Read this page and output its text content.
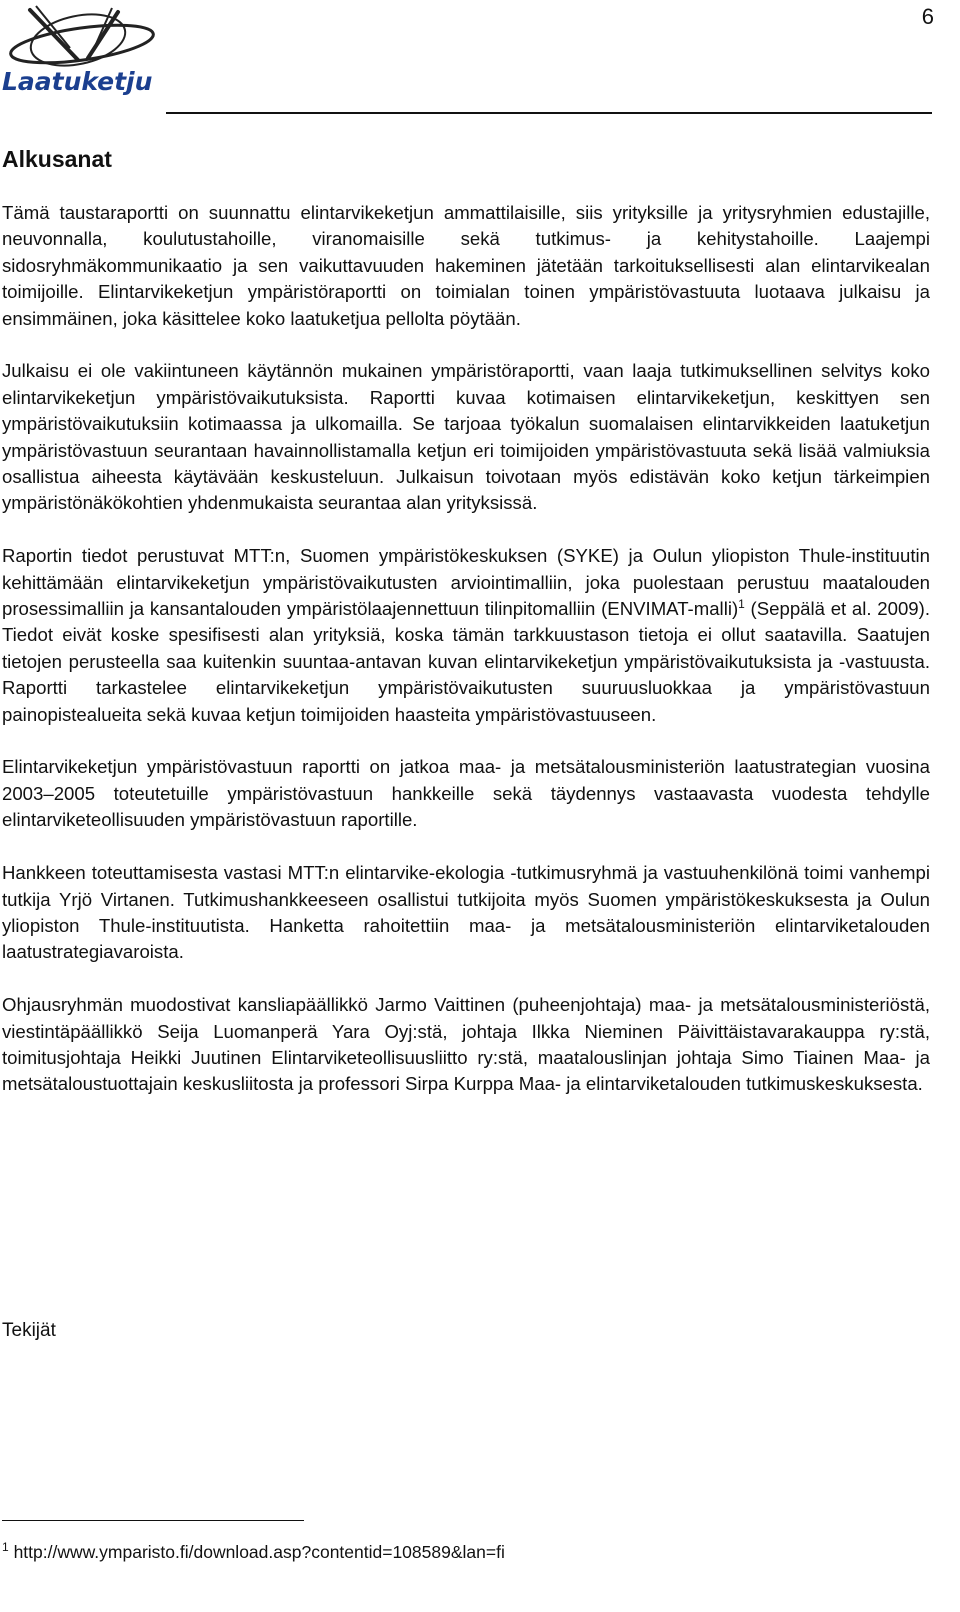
Laatuketju
6
Alkusanat

Tämä taustaraportti on suunnattu elintarvikeketjun ammattilaisille, siis yrityksille ja yritysryhmien edustajille, neuvonnalla, koulutustahoille, viranomaisille sekä tutkimus- ja kehitystahoille. Laajempi sidosryhmäkommunikaatio ja sen vaikuttavuuden hakeminen jätetään tarkoituksellisesti alan elintarvikealan toimijoille. Elintarvikeketjun ympäristöraportti on toimialan toinen ympäristövastuuta luotaava julkaisu ja ensimmäinen, joka käsittelee koko laatuketjua pellolta pöytään.

Julkaisu ei ole vakiintuneen käytännön mukainen ympäristöraportti, vaan laaja tutkimuksellinen selvitys koko elintarvikeketjun ympäristövaikutuksista. Raportti kuvaa kotimaisen elintarvikeketjun, keskittyen sen ympäristövaikutuksiin kotimaassa ja ulkomailla. Se tarjoaa työkalun suomalaisen elintarvikkeiden laatuketjun ympäristövastuun seurantaan havainnollistamalla ketjun eri toimijoiden ympäristövastuuta sekä lisää valmiuksia osallistua aiheesta käytävään keskusteluun. Julkaisun toivotaan myös edistävän koko ketjun tärkeimpien ympäristönäkökohtien yhdenmukaista seurantaa alan yrityksissä.

Raportin tiedot perustuvat MTT:n, Suomen ympäristökeskuksen (SYKE) ja Oulun yliopiston Thule-instituutin kehittämään elintarvikeketjun ympäristövaikutusten arviointimalliin, joka puolestaan perustuu maatalouden prosessimalliin ja kansantalouden ympäristölaajennettuun tilinpitomalliin (ENVIMAT-malli)$^1$ (Seppälä et al. 2009). Tiedot eivät koske spesifisesti alan yrityksiä, koska tämän tarkkuustason tietoja ei ollut saatavilla. Saatujen tietojen perusteella saa kuitenkin suuntaa-antavan kuvan elintarvikeketjun ympäristövaikutuksista ja -vastuusta. Raportti tarkastelee elintarvikeketjun ympäristövaikutusten suuruusluokkaa ja ympäristövastuun painopistealueita sekä kuvaa ketjun toimijoiden haasteita ympäristövastuuseen.

Elintarvikeketjun ympäristövastuun raportti on jatkoa maa- ja metsätalousministeriön laatustrategian vuosina 2003–2005 toteutetuille ympäristövastuun hankkeille sekä täydennys vastaavasta vuodesta tehdylle elintarviketeollisuuden ympäristövastuun raportille.

Hankkeen toteuttamisesta vastasi MTT:n elintarvike-ekologia -tutkimusryhmä ja vastuuhenkilönä toimi vanhempi tutkija Yrjö Virtanen. Tutkimushankkeeseen osallistui tutkijoita myös Suomen ympäristökeskuksesta ja Oulun yliopiston Thule-instituutista. Hanketta rahoitettiin maa- ja metsätalousministeriön elintarviketalouden laatustrategiavaroista.

Ohjausryhmän muodostivat kansliapäällikkö Jarmo Vaittinen (puheenjohtaja) maa- ja metsätalousministeriöstä, viestintäpäällikkö Seija Luomanperä Yara Oyj:stä, johtaja Ilkka Nieminen Päivittäistavarakauppa ry:stä, toimitusjohtaja Heikki Juutinen Elintarviketeollisuusliitto ry:stä, maatalouslinjan johtaja Simo Tiainen Maa- ja metsätaloustuottajain keskusliitosta ja professori Sirpa Kurppa Maa- ja elintarviketalouden tutkimuskeskuksesta.

Tekijät
$^1$ http://www.ymparisto.fi/download.asp?contentid=108589&lan=fi
